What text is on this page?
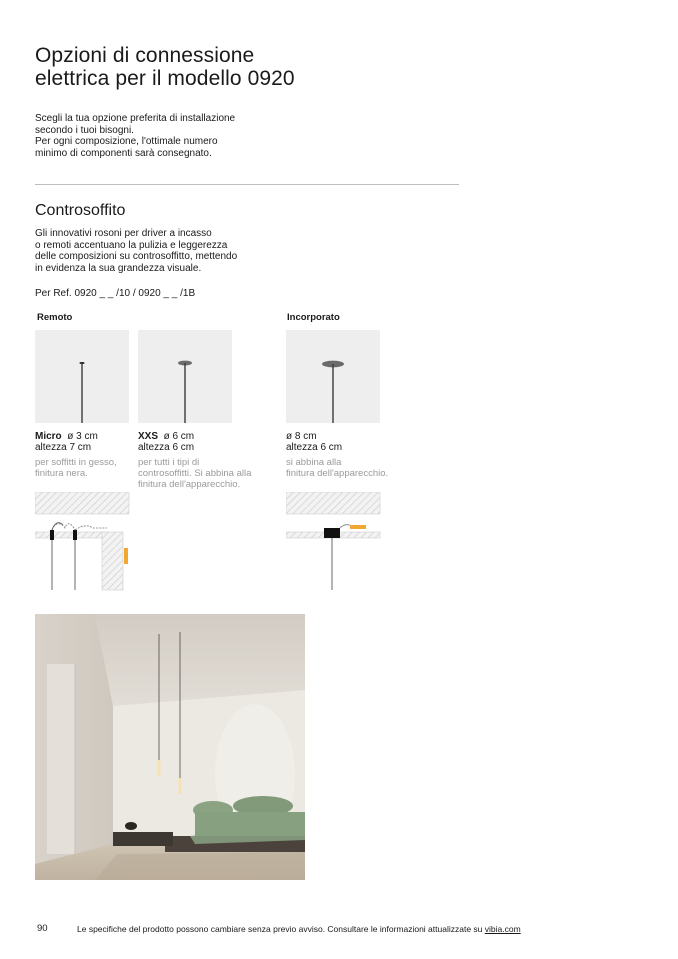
Opzioni di connessione
elettrica per il modello 0920

Scegli la tua opzione preferita di installazione

secondo i tuoi bisogni.

Per ogni composizione, l'ottimale numero

minimo di componenti sarà consegnato.

Controsoffito
Gli innovativi rosoni per driver a incasso
o remoti accentuano la pulizia e leggerezza
delle composizioni su controsoffitto, mettendo
in evidenza la sua grandezza visuale.
Per Ref. 0920 _ _ /10 / 0920 _ _ /1B
Remoto	Incorporato
Micro ø 3 cm
altezza 7 cm
per soffitti in gesso,
finitura nera.
XXS ø 6 cm
altezza 6 cm
per tutti i tipi di
controsoffitti. Si abbina alla
finitura dell'apparecchio.
ø 8 cm
altezza 6 cm
si abbina alla
finitura dell'apparecchio.
90	Le specifiche del prodotto possono cambiare senza previo avviso. Consultare le informazioni attualizzate su vibia.com
